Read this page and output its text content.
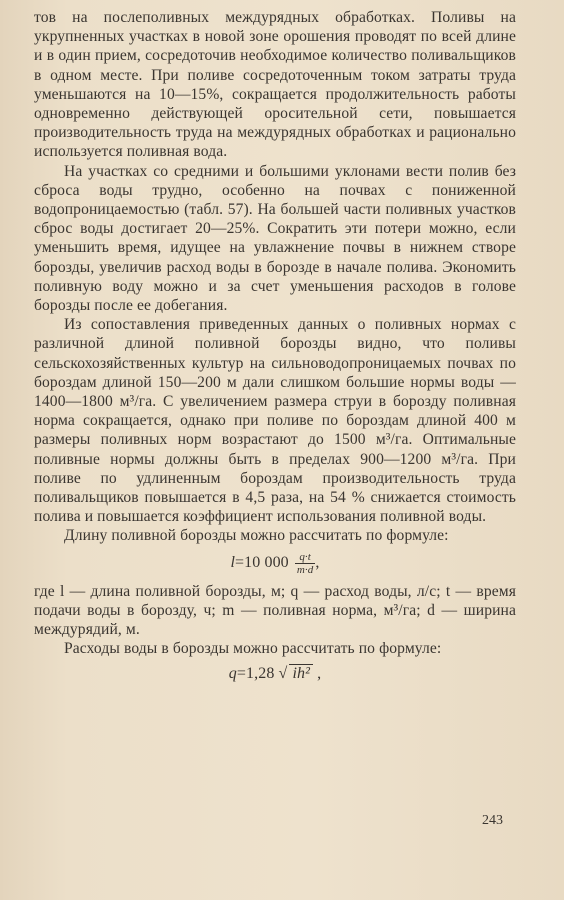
тов на послеполивных междурядных обработках. Поливы на укрупненных участках в новой зоне орошения проводят по всей длине и в один прием, сосредоточив необходимое количество поливальщиков в одном месте. При поливе сосредоточенным током затраты труда уменьшаются на 10—15%, сокращается продолжительность работы одновременно действующей оросительной сети, повышается производительность труда на междурядных обработках и рационально используется поливная вода.

На участках со средними и большими уклонами вести полив без сброса воды трудно, особенно на почвах с пониженной водопроницаемостью (табл. 57). На большей части поливных участков сброс воды достигает 20—25%. Сократить эти потери можно, если уменьшить время, идущее на увлажнение почвы в нижнем створе борозды, увеличив расход воды в борозде в начале полива. Экономить поливную воду можно и за счет уменьшения расходов в голове борозды после ее добегания.

Из сопоставления приведенных данных о поливных нормах с различной длиной поливной борозды видно, что поливы сельскохозяйственных культур на сильноводопроницаемых почвах по бороздам длиной 150—200 м дали слишком большие нормы воды — 1400—1800 м³/га. С увеличением размера струи в борозду поливная норма сокращается, однако при поливе по бороздам длиной 400 м размеры поливных норм возрастают до 1500 м³/га. Оптимальные поливные нормы должны быть в пределах 900—1200 м³/га. При поливе по удлиненным бороздам производительность труда поливальщиков повышается в 4,5 раза, на 54 % снижается стоимость полива и повышается коэффициент использования поливной воды.

Длину поливной борозды можно рассчитать по формуле:

l=10 $000 \frac{q\cdot t}{m\cdot d}$ ,

где l — длина поливной борозды, м; q — расход воды, л/с; t — время подачи воды в борозду, ч; m — поливная норма, м³/га; d — ширина междурядий, м.

Расходы воды в борозды можно рассчитать по формуле:

q=1,28 √ ih² ,
243
